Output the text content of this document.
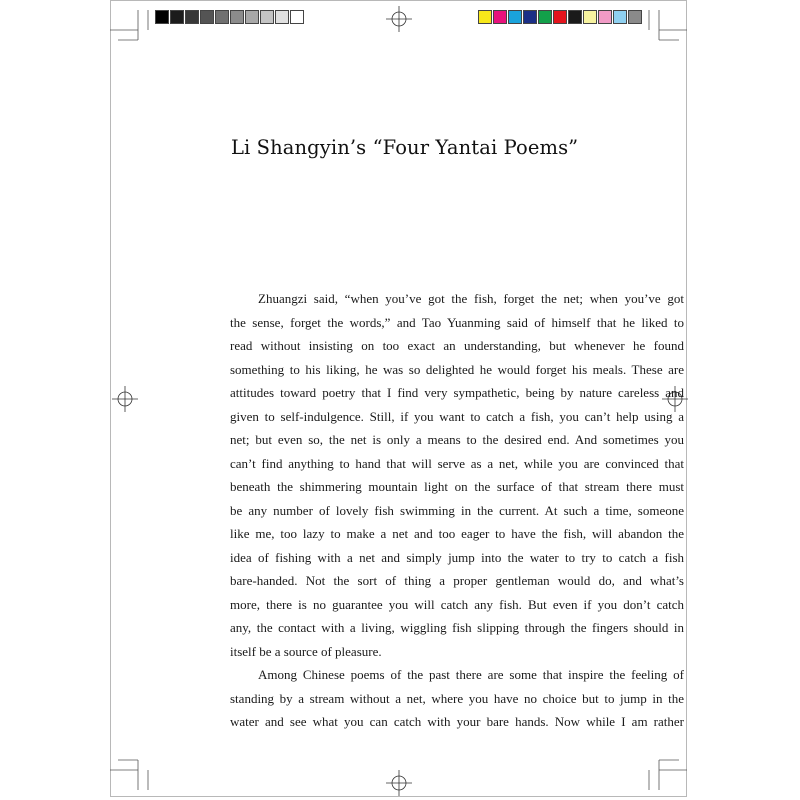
Li Shangyin’s “Four Yantai Poems”
Zhuangzi said, “when you’ve got the fish, forget the net; when you’ve got
the sense, forget the words,” and Tao Yuanming said of himself that he liked to
read without insisting on too exact an understanding, but whenever he found
something to his liking, he was so delighted he would forget his meals. These are
attitudes toward poetry that I find very sympathetic, being by nature careless and
given to self-indulgence. Still, if you want to catch a fish, you can’t help using a
net; but even so, the net is only a means to the desired end. And sometimes you
can’t find anything to hand that will serve as a net, while you are convinced that
beneath the shimmering mountain light on the surface of that stream there must
be any number of lovely fish swimming in the current. At such a time, someone
like me, too lazy to make a net and too eager to have the fish, will abandon the
idea of fishing with a net and simply jump into the water to try to catch a fish
bare-handed. Not the sort of thing a proper gentleman would do, and what’s
more, there is no guarantee you will catch any fish. But even if you don’t catch
any, the contact with a living, wiggling fish slipping through the fingers should in
itself be a source of pleasure.
Among Chinese poems of the past there are some that inspire the feeling of
standing by a stream without a net, where you have no choice but to jump in the
water and see what you can catch with your bare hands. Now while I am rather
